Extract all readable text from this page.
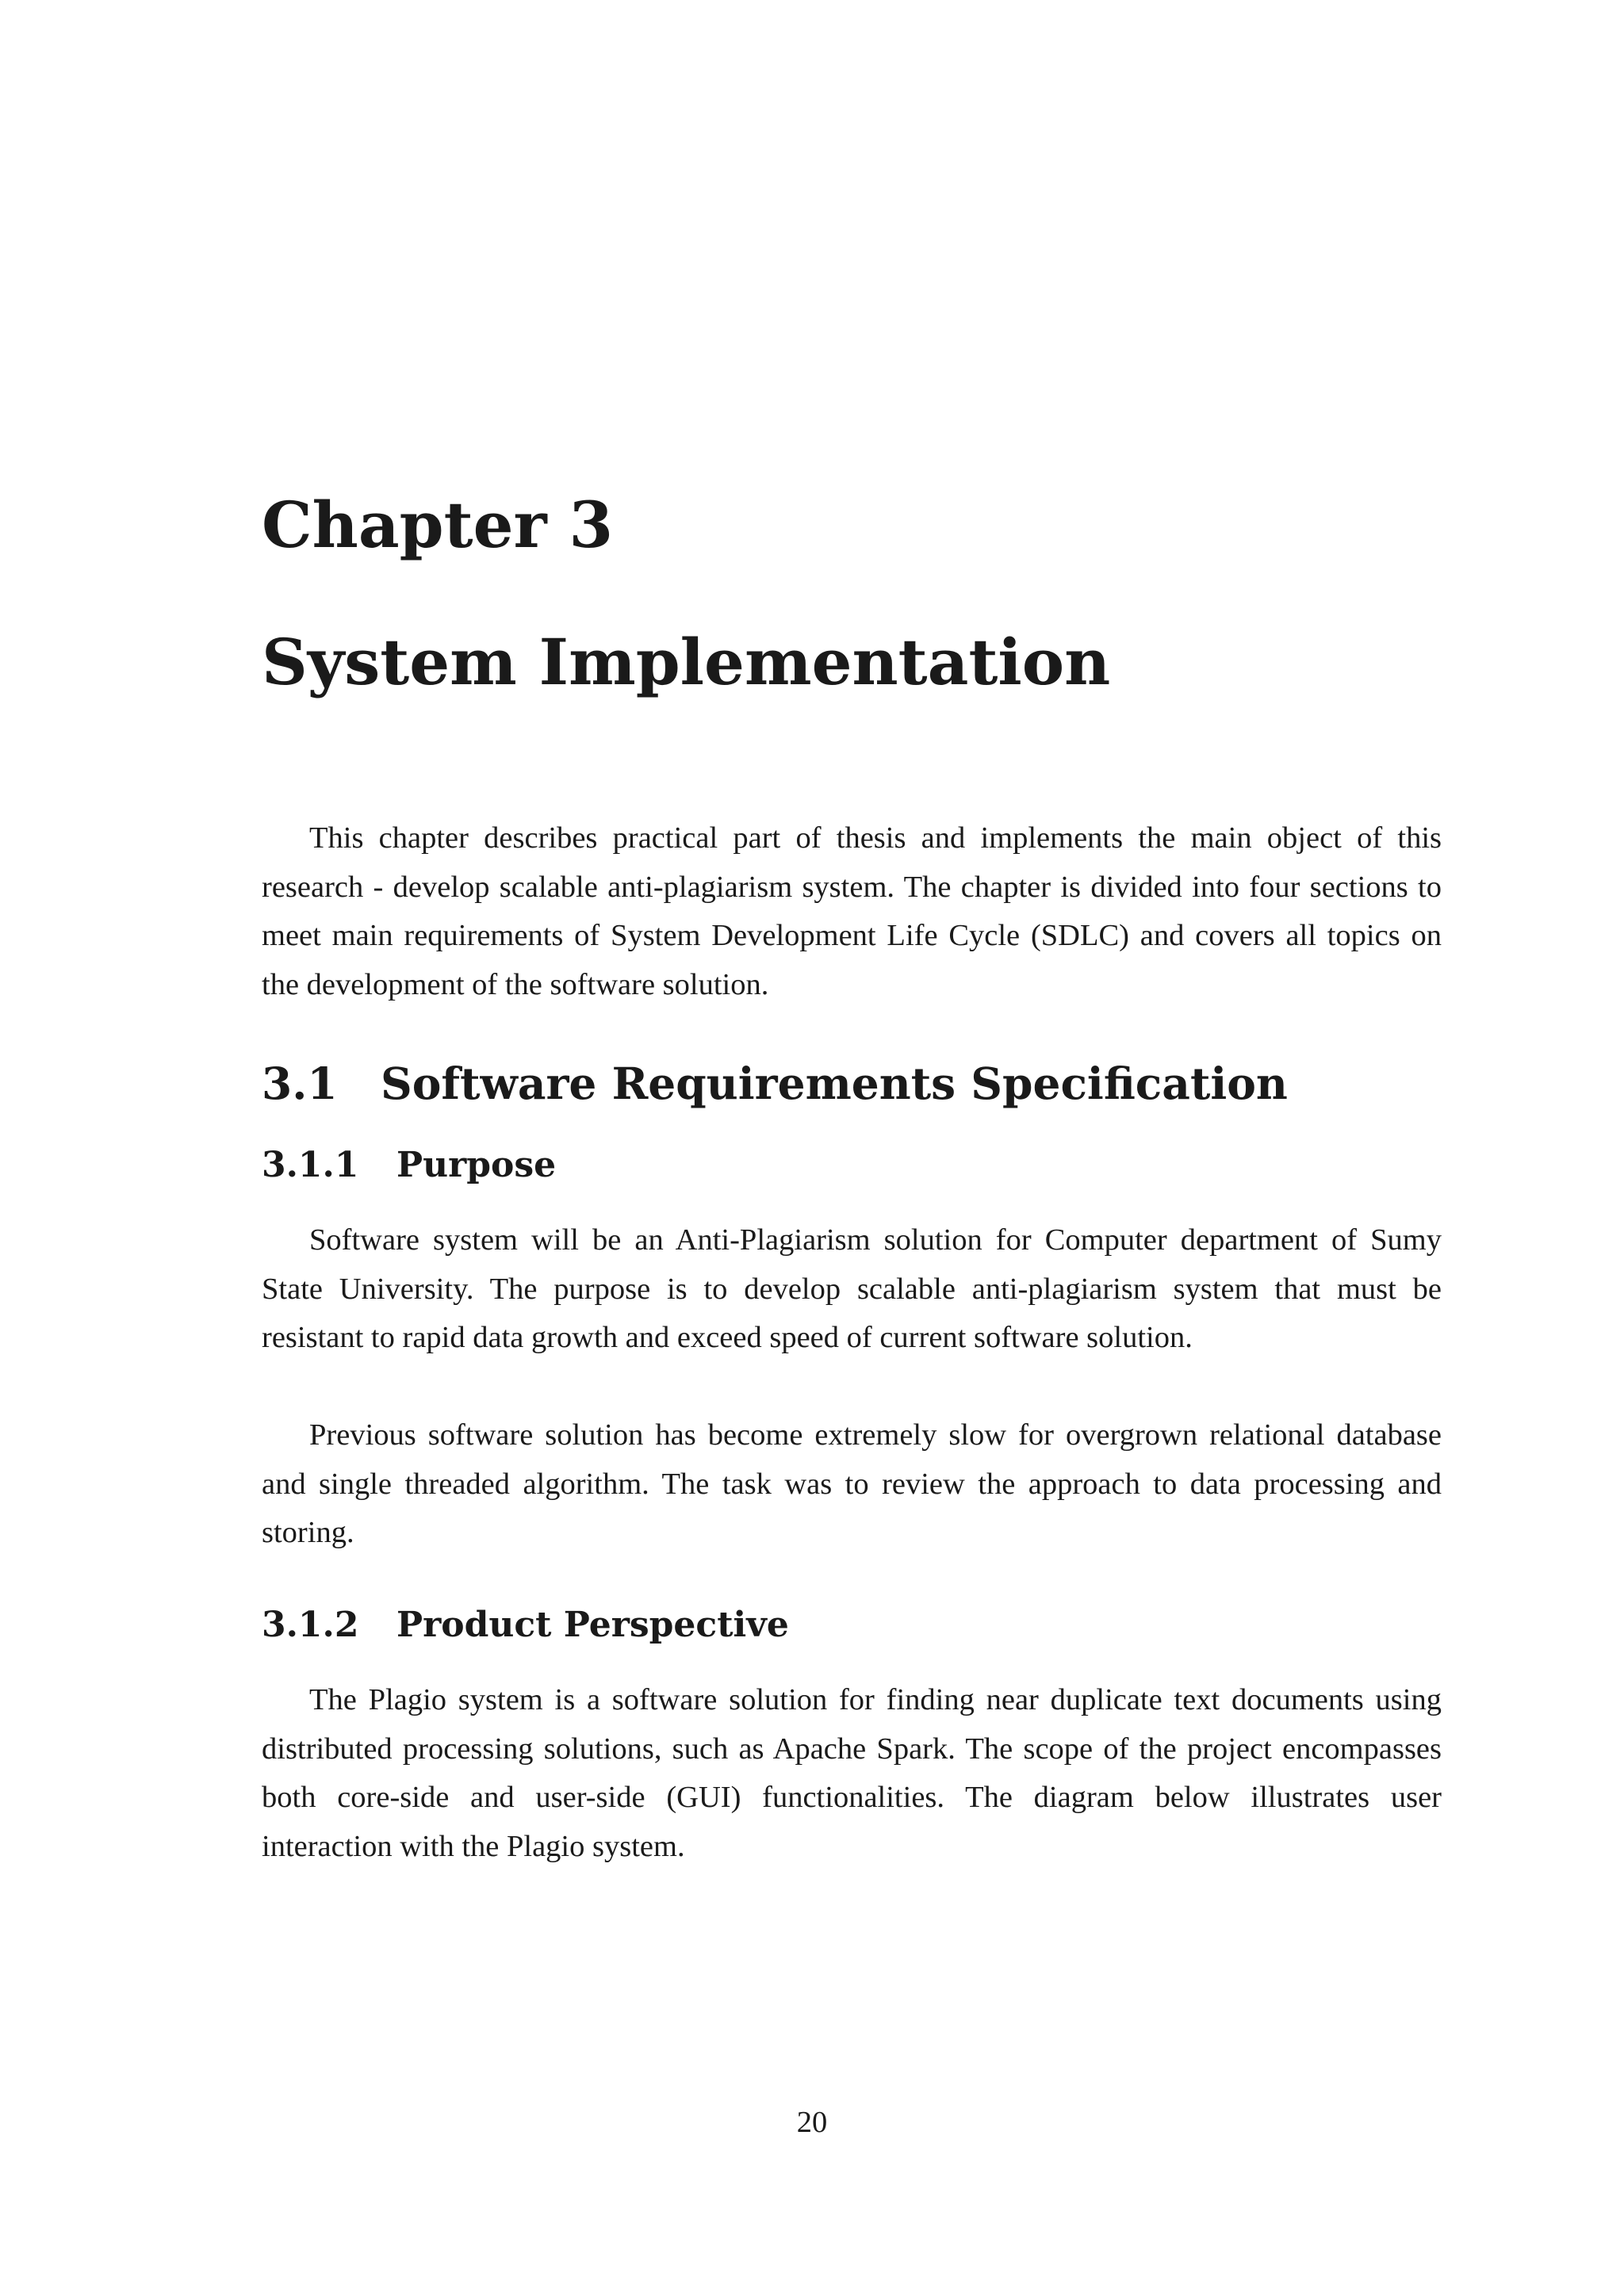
Chapter 3
System Implementation

This chapter describes practical part of thesis and implements the main object of this research - develop scalable anti-plagiarism system. The chapter is divided into four sections to meet main requirements of System Development Life Cycle (SDLC) and covers all topics on the development of the software solution.

3.1 Software Requirements Specification
3.1.1 Purpose

Software system will be an Anti-Plagiarism solution for Computer department of Sumy State University. The purpose is to develop scalable anti-plagiarism system that must be resistant to rapid data growth and exceed speed of current software solution.

Previous software solution has become extremely slow for overgrown relational database and single threaded algorithm. The task was to review the approach to data processing and storing.

3.1.2 Product Perspective

The Plagio system is a software solution for finding near duplicate text documents using distributed processing solutions, such as Apache Spark. The scope of the project encompasses both core-side and user-side (GUI) functionalities. The diagram below illustrates user interaction with the Plagio system.

20
